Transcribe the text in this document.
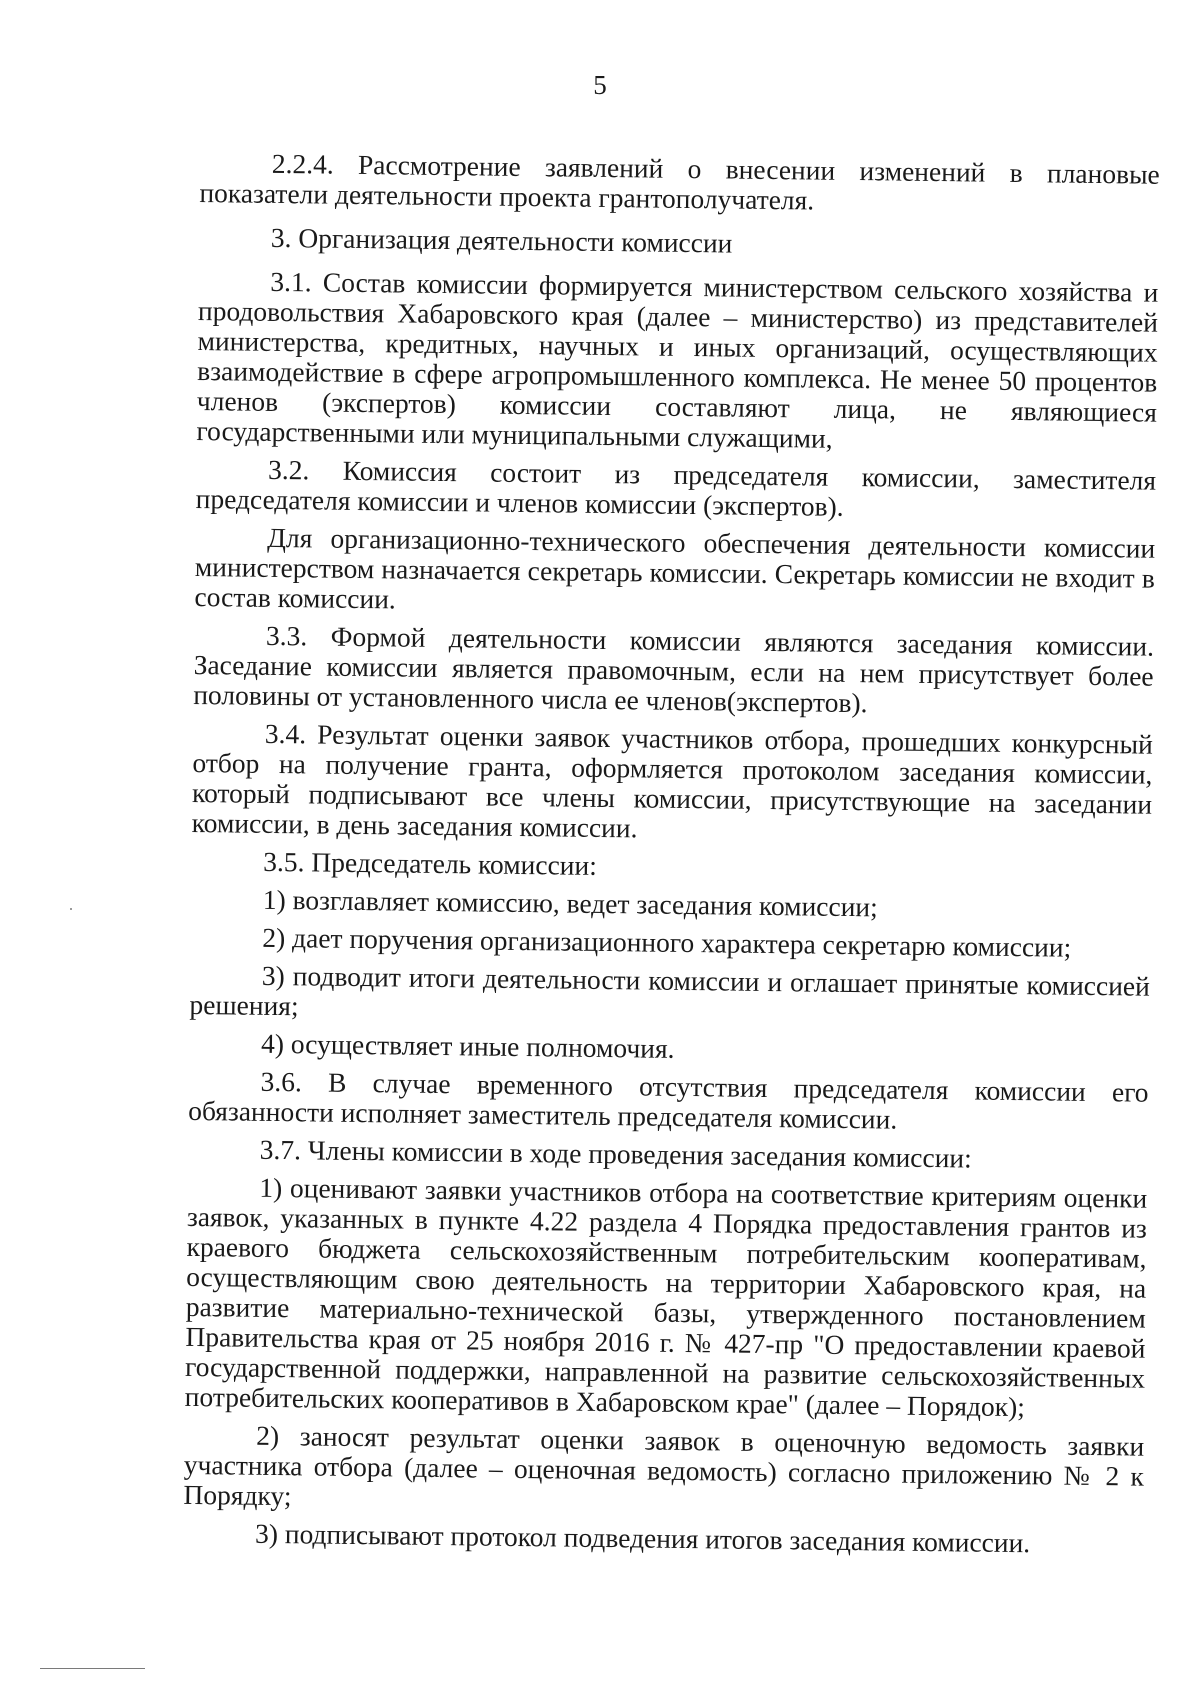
5

2.2.4. Рассмотрение заявлений о внесении изменений в плановые показатели деятельности проекта грантополучателя.

3. Организация деятельности комиссии

3.1. Состав комиссии формируется министерством сельского хозяйства и продовольствия Хабаровского края (далее – министерство) из представителей министерства, кредитных, научных и иных организаций, осуществляющих взаимодействие в сфере агропромышленного комплекса. Не менее 50 процентов членов (экспертов) комиссии составляют лица, не являющиеся государственными или муниципальными служащими,

3.2. Комиссия состоит из председателя комиссии, заместителя председателя комиссии и членов комиссии (экспертов).

Для организационно-технического обеспечения деятельности комиссии министерством назначается секретарь комиссии. Секретарь комиссии не входит в состав комиссии.

3.3. Формой деятельности комиссии являются заседания комиссии. Заседание комиссии является правомочным, если на нем присутствует более половины от установленного числа ее членов(экспертов).

3.4. Результат оценки заявок участников отбора, прошедших конкурсный отбор на получение гранта, оформляется протоколом заседания комиссии, который подписывают все члены комиссии, присутствующие на заседании комиссии, в день заседания комиссии.

3.5. Председатель комиссии:

1) возглавляет комиссию, ведет заседания комиссии;

2) дает поручения организационного характера секретарю комиссии;

3) подводит итоги деятельности комиссии и оглашает принятые комиссией решения;

4) осуществляет иные полномочия.

3.6. В случае временного отсутствия председателя комиссии его обязанности исполняет заместитель председателя комиссии.

3.7. Члены комиссии в ходе проведения заседания комиссии:

1) оценивают заявки участников отбора на соответствие критериям оценки заявок, указанных в пункте 4.22 раздела 4 Порядка предоставления грантов из краевого бюджета сельскохозяйственным потребительским кооперативам, осуществляющим свою деятельность на территории Хабаровского края, на развитие материально-технической базы, утвержденного постановлением Правительства края от 25 ноября 2016 г. № 427-пр "О предоставлении краевой государственной поддержки, направленной на развитие сельскохозяйственных потребительских кооперативов в Хабаровском крае" (далее – Порядок);

2) заносят результат оценки заявок в оценочную ведомость заявки участника отбора (далее – оценочная ведомость) согласно приложению № 2 к Порядку;

3) подписывают протокол подведения итогов заседания комиссии.
